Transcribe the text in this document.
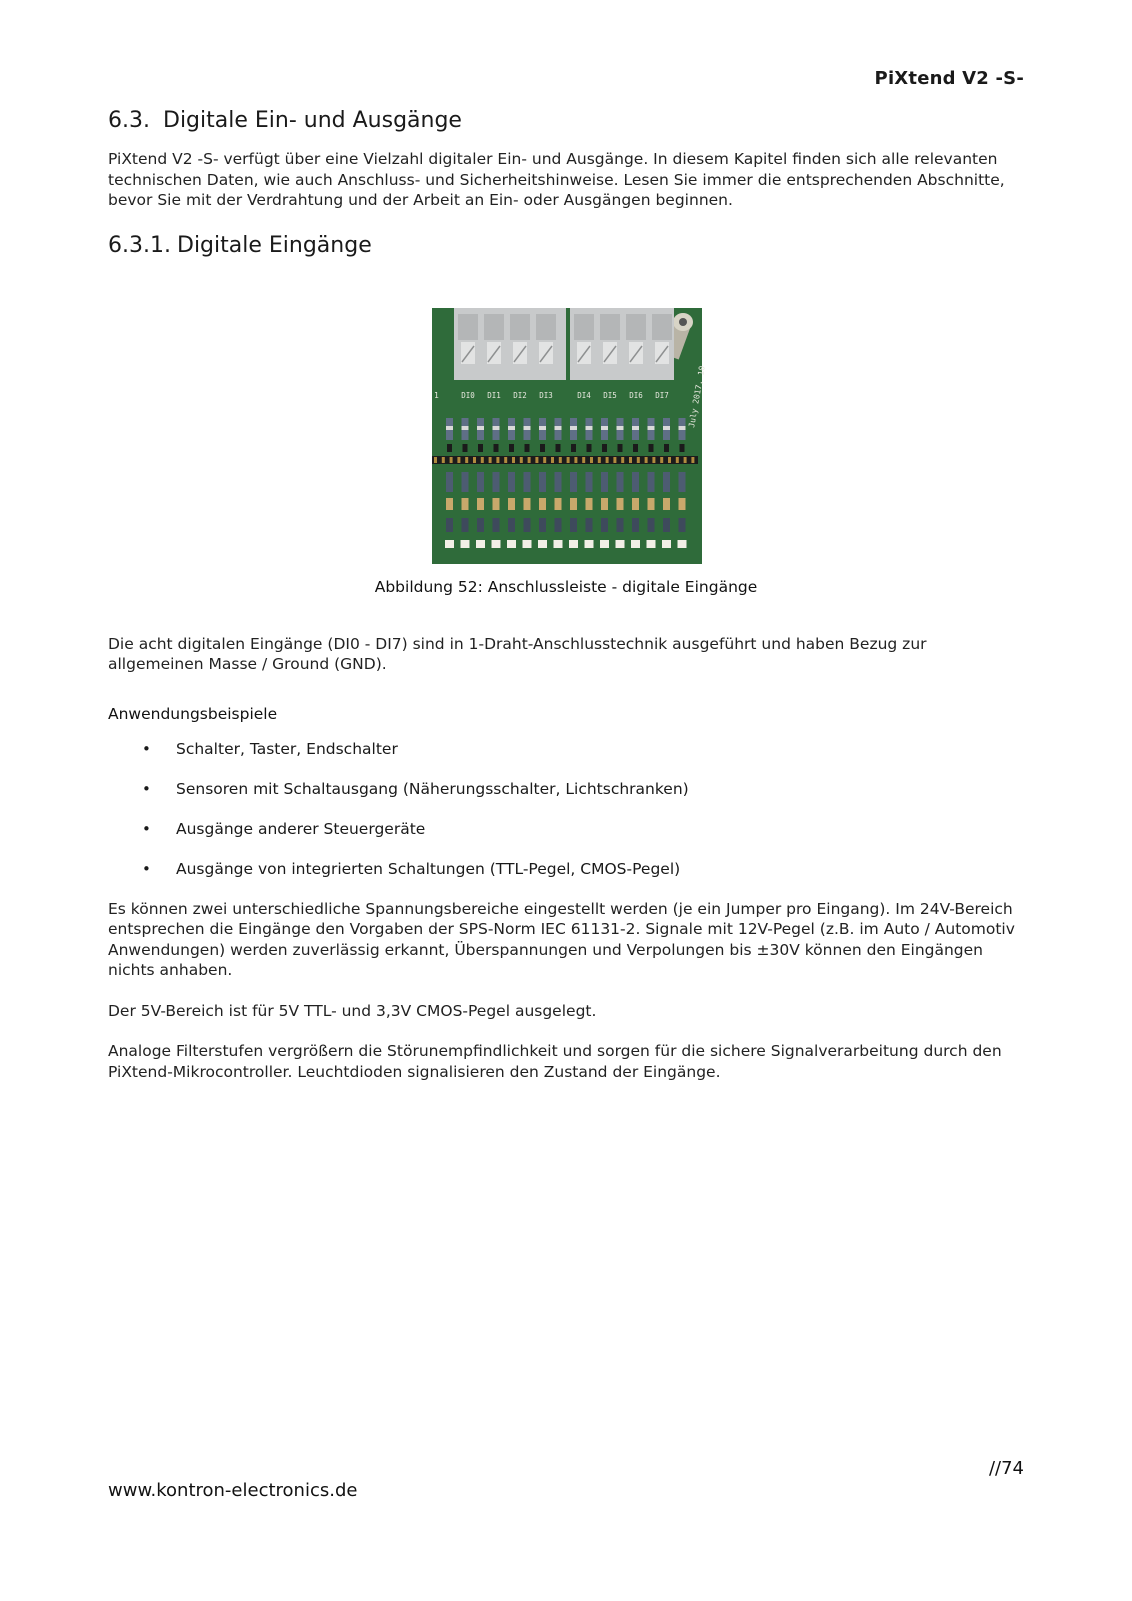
PiXtend V2 -S-
6.3. Digitale Ein- und Ausgänge

PiXtend V2 -S- verfügt über eine Vielzahl digitaler Ein- und Ausgänge. In diesem Kapitel finden sich alle relevanten technischen Daten, wie auch Anschluss- und Sicherheitshinweise. Lesen Sie immer die entsprechenden Abschnitte, bevor Sie mit der Verdrahtung und der Arbeit an Ein- oder Ausgängen beginnen.

6.3.1. Digitale Eingänge
DI0 DI1 DI2 DI3	DI4 DI5 DI6 DI7 July 2017, 10
1
Abbildung 52: Anschlussleiste - digitale Eingänge

Die acht digitalen Eingänge (DI0 - DI7) sind in 1-Draht-Anschlusstechnik ausgeführt und haben Bezug zur allgemeinen Masse / Ground (GND).

Anwendungsbeispiele
• Schalter, Taster, Endschalter
• Sensoren mit Schaltausgang (Näherungsschalter, Lichtschranken)
• Ausgänge anderer Steuergeräte
• Ausgänge von integrierten Schaltungen (TTL-Pegel, CMOS-Pegel)

Es können zwei unterschiedliche Spannungsbereiche eingestellt werden (je ein Jumper pro Eingang). Im 24V-Bereich entsprechen die Eingänge den Vorgaben der SPS-Norm IEC 61131-2. Signale mit 12V-Pegel (z.B. im Auto / Automotiv Anwendungen) werden zuverlässig erkannt, Überspannungen und Verpolungen bis ±30V können den Eingängen nichts anhaben.

Der 5V-Bereich ist für 5V TTL- und 3,3V CMOS-Pegel ausgelegt.

Analoge Filterstufen vergrößern die Störunempfindlichkeit und sorgen für die sichere Signalverarbeitung durch den PiXtend-Mikrocontroller. Leuchtdioden signalisieren den Zustand der Eingänge.

//74
www.kontron-electronics.de
